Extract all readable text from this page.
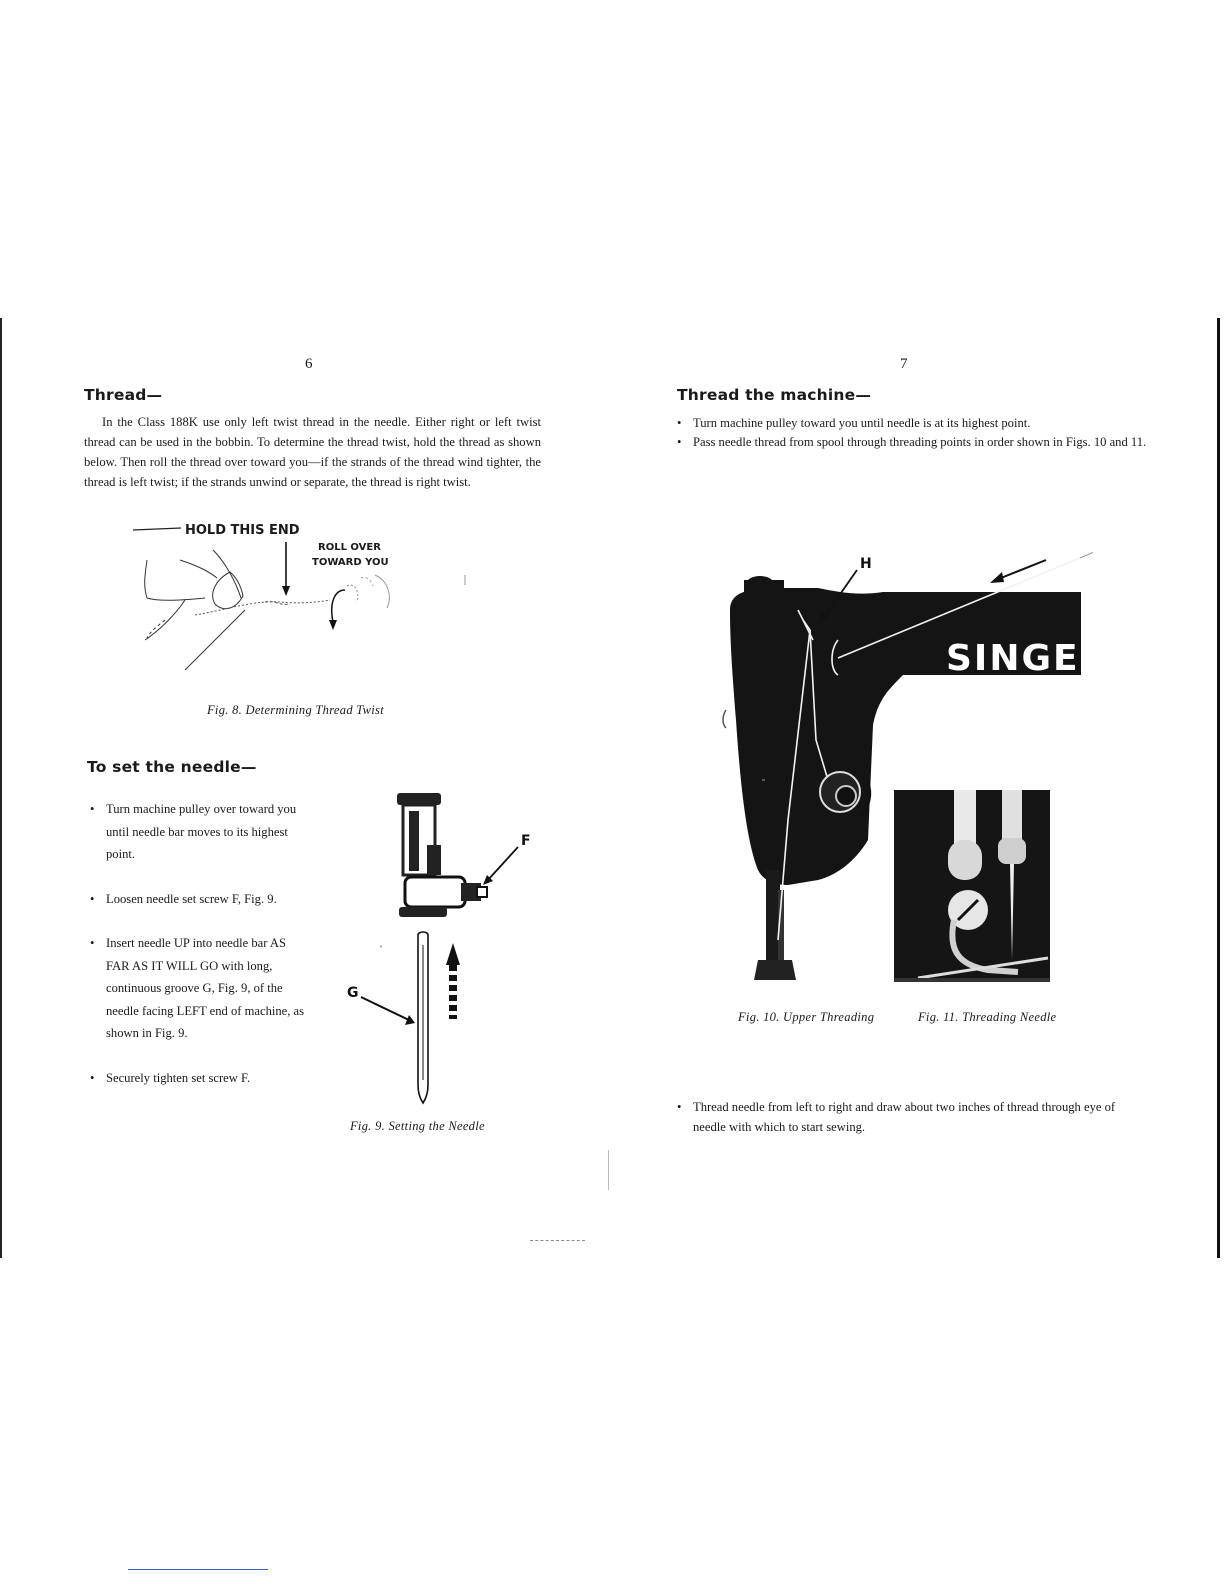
6
Thread—
In the Class 188K use only left twist thread in the needle. Either right or left twist thread can be used in the bobbin. To determine the thread twist, hold the thread as shown below. Then roll the thread over toward you—if the strands of the thread wind tighter, the thread is left twist; if the strands unwind or separate, the thread is right twist.
HOLD THIS END
ROLL OVER
TOWARD YOU
Fig. 8. Determining Thread Twist
To set the needle—
• Turn machine pulley over toward you until needle bar moves to its highest point.
• Loosen needle set screw F, Fig. 9.
• Insert needle UP into needle bar AS FAR AS IT WILL GO with long, continuous groove G, Fig. 9, of the needle facing LEFT end of machine, as shown in Fig. 9.
• Securely tighten set screw F.
F
G
Fig. 9. Setting the Needle
7
Thread the machine—
• Turn machine pulley toward you until needle is at its highest point.
• Pass needle thread from spool through threading points in order shown in Figs. 10 and 11.
SINGER
H
Fig. 10. Upper Threading	Fig. 11. Threading Needle
• Thread needle from left to right and draw about two inches of thread through eye of needle with which to start sewing.
